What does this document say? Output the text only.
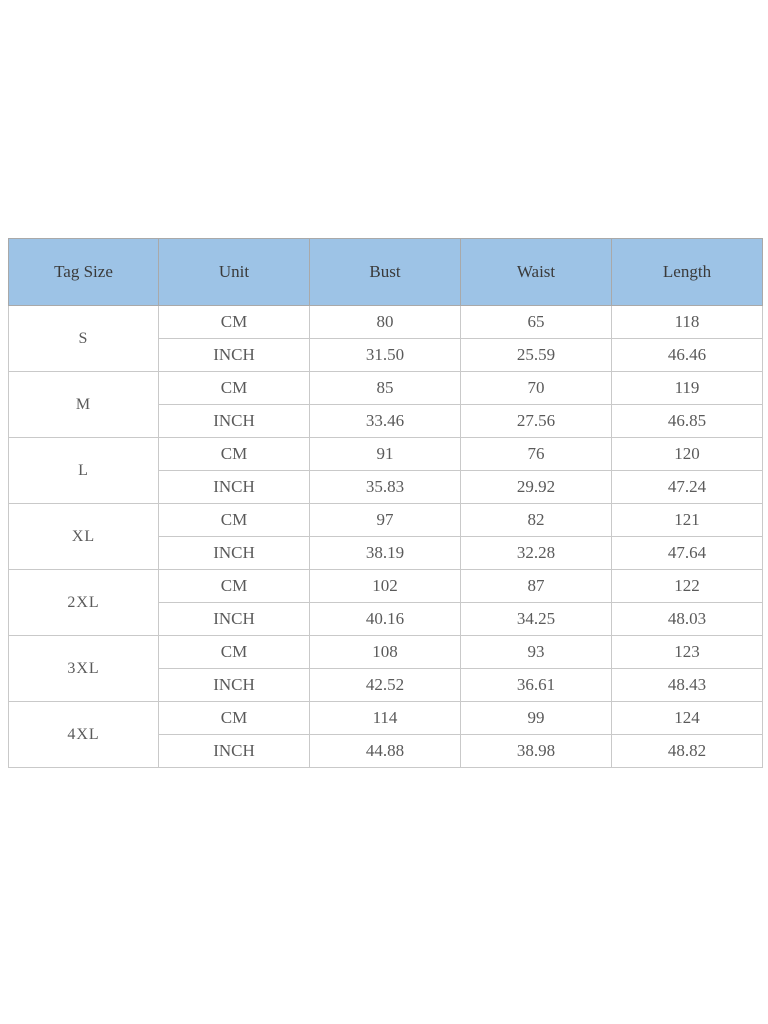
Tag Size	Unit	Bust	Waist	Length
S	CM	80	65	118
	INCH	31.50	25.59	46.46
M	CM	85	70	119
	INCH	33.46	27.56	46.85
L	CM	91	76	120
	INCH	35.83	29.92	47.24
XL	CM	97	82	121
	INCH	38.19	32.28	47.64
2XL	CM	102	87	122
	INCH	40.16	34.25	48.03
3XL	CM	108	93	123
	INCH	42.52	36.61	48.43
4XL	CM	114	99	124
	INCH	44.88	38.98	48.82
